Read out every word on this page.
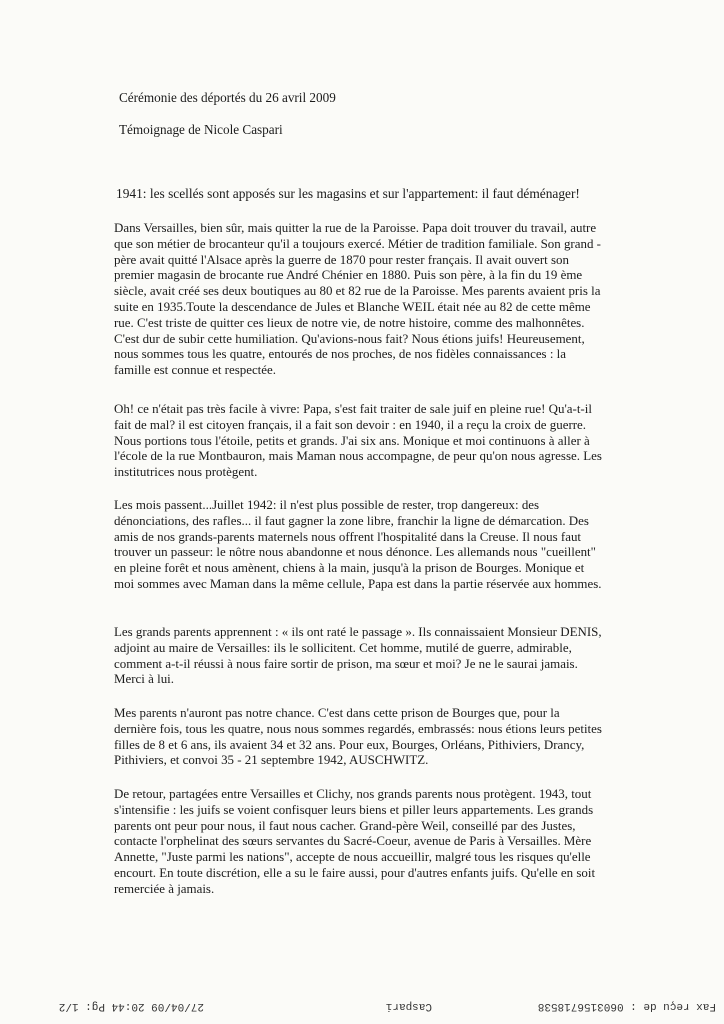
Cérémonie des déportés du 26 avril 2009
Témoignage de Nicole Caspari
1941: les scellés sont apposés sur les magasins et sur l'appartement: il faut déménager!
Dans Versailles, bien sûr, mais quitter la rue de la Paroisse. Papa doit trouver du travail, autre
que son métier de brocanteur qu'il a toujours exercé. Métier de tradition familiale. Son grand -
père avait quitté l'Alsace après la guerre de 1870 pour rester français. Il avait ouvert son
premier magasin de brocante rue André Chénier en 1880. Puis son père, à la fin du 19 ème
siècle, avait créé ses deux boutiques au 80 et 82 rue de la Paroisse. Mes parents avaient pris la
suite en 1935.Toute la descendance de Jules et Blanche WEIL était née au 82 de cette même
rue. C'est triste de quitter ces lieux de notre vie, de notre histoire, comme des malhonnêtes.
C'est dur de subir cette humiliation. Qu'avions-nous fait? Nous étions juifs! Heureusement,
nous sommes tous les quatre, entourés de nos proches, de nos fidèles connaissances : la
famille est connue et respectée.
Oh! ce n'était pas très facile à vivre: Papa, s'est fait traiter de sale juif en pleine rue! Qu'a-t-il
fait de mal? il est citoyen français, il a fait son devoir : en 1940, il a reçu la croix de guerre.
Nous portions tous l'étoile, petits et grands. J'ai six ans. Monique et moi continuons à aller à
l'école de la rue Montbauron, mais Maman nous accompagne, de peur qu'on nous agresse. Les
institutrices nous protègent.
Les mois passent...Juillet 1942: il n'est plus possible de rester, trop dangereux: des
dénonciations, des rafles... il faut gagner la zone libre, franchir la ligne de démarcation. Des
amis de nos grands-parents maternels nous offrent l'hospitalité dans la Creuse. Il nous faut
trouver un passeur: le nôtre nous abandonne et nous dénonce. Les allemands nous "cueillent"
en pleine forêt et nous amènent, chiens à la main, jusqu'à la prison de Bourges. Monique et
moi sommes avec Maman dans la même cellule, Papa est dans la partie réservée aux hommes.
Les grands parents apprennent : « ils ont raté le passage ». Ils connaissaient Monsieur DENIS,
adjoint au maire de Versailles: ils le sollicitent. Cet homme, mutilé de guerre, admirable,
comment a-t-il réussi à nous faire sortir de prison, ma sœur et moi? Je ne le saurai jamais.
Merci à lui.
Mes parents n'auront pas notre chance. C'est dans cette prison de Bourges que, pour la
dernière fois, tous les quatre, nous nous sommes regardés, embrassés: nous étions leurs petites
filles de 8 et 6 ans, ils avaient 34 et 32 ans. Pour eux, Bourges, Orléans, Pithiviers, Drancy,
Pithiviers, et convoi 35 - 21 septembre 1942, AUSCHWITZ.
De retour, partagées entre Versailles et Clichy, nos grands parents nous protègent. 1943, tout
s'intensifie : les juifs se voient confisquer leurs biens et piller leurs appartements. Les grands
parents ont peur pour nous, il faut nous cacher. Grand-père Weil, conseillé par des Justes,
contacte l'orphelinat des sœurs servantes du Sacré-Coeur, avenue de Paris à Versailles. Mère
Annette, "Juste parmi les nations", accepte de nous accueillir, malgré tous les risques qu'elle
encourt. En toute discrétion, elle a su le faire aussi, pour d'autres enfants juifs. Qu'elle en soit
remerciée à jamais.
Fax reçu de : 0603156718538
Caspari
27/04/09 20:44 Pg: 1/2
